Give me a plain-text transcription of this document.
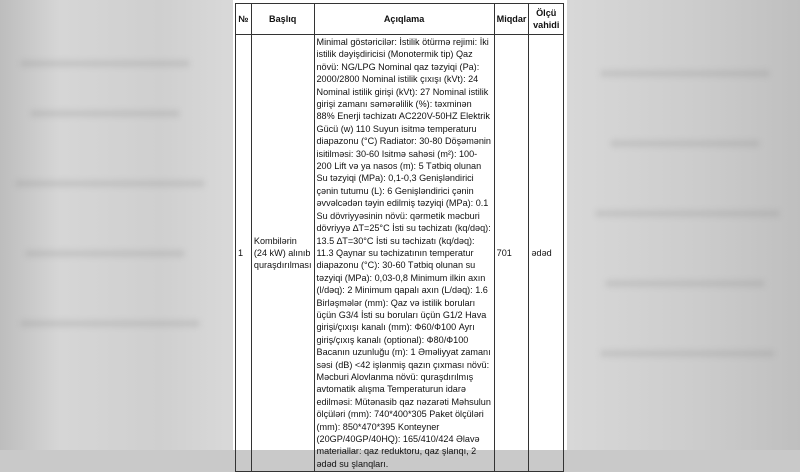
№	Başlıq	Açıqlama	Miqdar	Ölçü vahidi
1	Kombilərin (24 kW) alınıb quraşdırılması	Minimal göstəricilər: İstilik ötürmə rejimi: İki istilik dəyişdiricisi (Monotermik tip) Qaz növü: NG/LPG Nominal qaz təzyiqi (Pa): 2000/2800 Nominal istilik çıxışı (kVt): 24 Nominal istilik girişi (kVt): 27 Nominal istilik girişi zamanı səmərəlilik (%): təxminən 88% Enerji təchizatı AC220V-50HZ Elektrik Gücü (w) 110 Suyun isitmə temperaturu diapazonu (°C) Radiator: 30-80 Döşəmənin isitilməsi: 30-60 Isitmə sahəsi (m²): 100-200 Lift və ya nasos (m): 5 Tətbiq olunan Su təzyiqi (MPa): 0,1-0,3 Genişləndirici çənin tutumu (L): 6 Genişləndirici çənin əvvəlcədən təyin edilmiş təzyiqi (MPa): 0.1 Su dövriyyəsinin növü: qərmetik məcburi dövriyyə ∆T=25°C İsti su təchizatı (kq/dəq): 13.5 ∆T=30°C İsti su təchizatı (kq/dəq): 11.3 Qaynar su təchizatının temperatur diapazonu (°C): 30-60 Tətbiq olunan su təzyiqi (MPa): 0,03-0,8 Minimum ilkin axın (l/dəq): 2 Minimum qapalı axın (L/dəq): 1.6 Birləşmələr (mm): Qaz və istilik boruları üçün G3/4 İsti su boruları üçün G1/2 Hava girişi/çıxışı kanalı (mm): Ф60/Ф100 Ayrı giriş/çıxış kanalı (optional): Ф80/Ф100 Bacanın uzunluğu (m): 1 Əməliyyat zamanı səsi (dB) <42 işlənmiş qazın çıxması növü: Məcburi Alovlanma növü: quraşdırılmış avtomatik alışma Temperaturun idarə edilməsi: Mütənasib qaz nəzarəti Məhsulun ölçüləri (mm): 740*400*305 Paket ölçüləri (mm): 850*470*395 Konteyner (20GP/40GP/40HQ): 165/410/424 Əlavə materiallar: qaz reduktoru, qaz şlanqı, 2 ədəd su şlanqları.	701	ədəd
